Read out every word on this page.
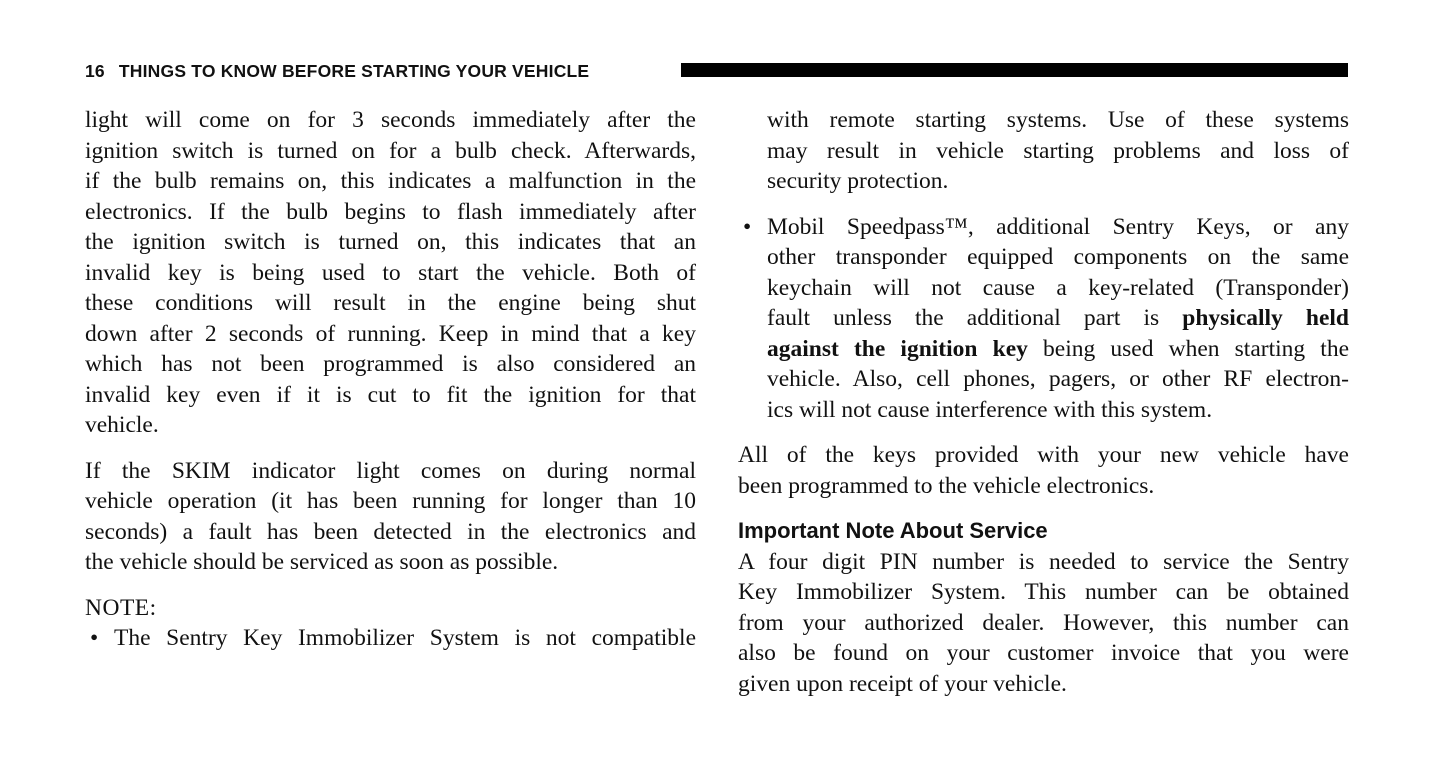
16 THINGS TO KNOW BEFORE STARTING YOUR VEHICLE
light will come on for 3 seconds immediately after the
ignition switch is turned on for a bulb check. Afterwards,
if the bulb remains on, this indicates a malfunction in the
electronics. If the bulb begins to flash immediately after
the ignition switch is turned on, this indicates that an
invalid key is being used to start the vehicle. Both of
these conditions will result in the engine being shut
down after 2 seconds of running. Keep in mind that a key
which has not been programmed is also considered an
invalid key even if it is cut to fit the ignition for that
vehicle.
If the SKIM indicator light comes on during normal
vehicle operation (it has been running for longer than 10
seconds) a fault has been detected in the electronics and
the vehicle should be serviced as soon as possible.
NOTE:
• The Sentry Key Immobilizer System is not compatible
with remote starting systems. Use of these systems
may result in vehicle starting problems and loss of
security protection.
• Mobil Speedpass™, additional Sentry Keys, or any
other transponder equipped components on the same
keychain will not cause a key-related (Transponder)
fault unless the additional part is physically held
against the ignition key being used when starting the
vehicle. Also, cell phones, pagers, or other RF electron-
ics will not cause interference with this system.
All of the keys provided with your new vehicle have
been programmed to the vehicle electronics.
Important Note About Service
A four digit PIN number is needed to service the Sentry
Key Immobilizer System. This number can be obtained
from your authorized dealer. However, this number can
also be found on your customer invoice that you were
given upon receipt of your vehicle.
